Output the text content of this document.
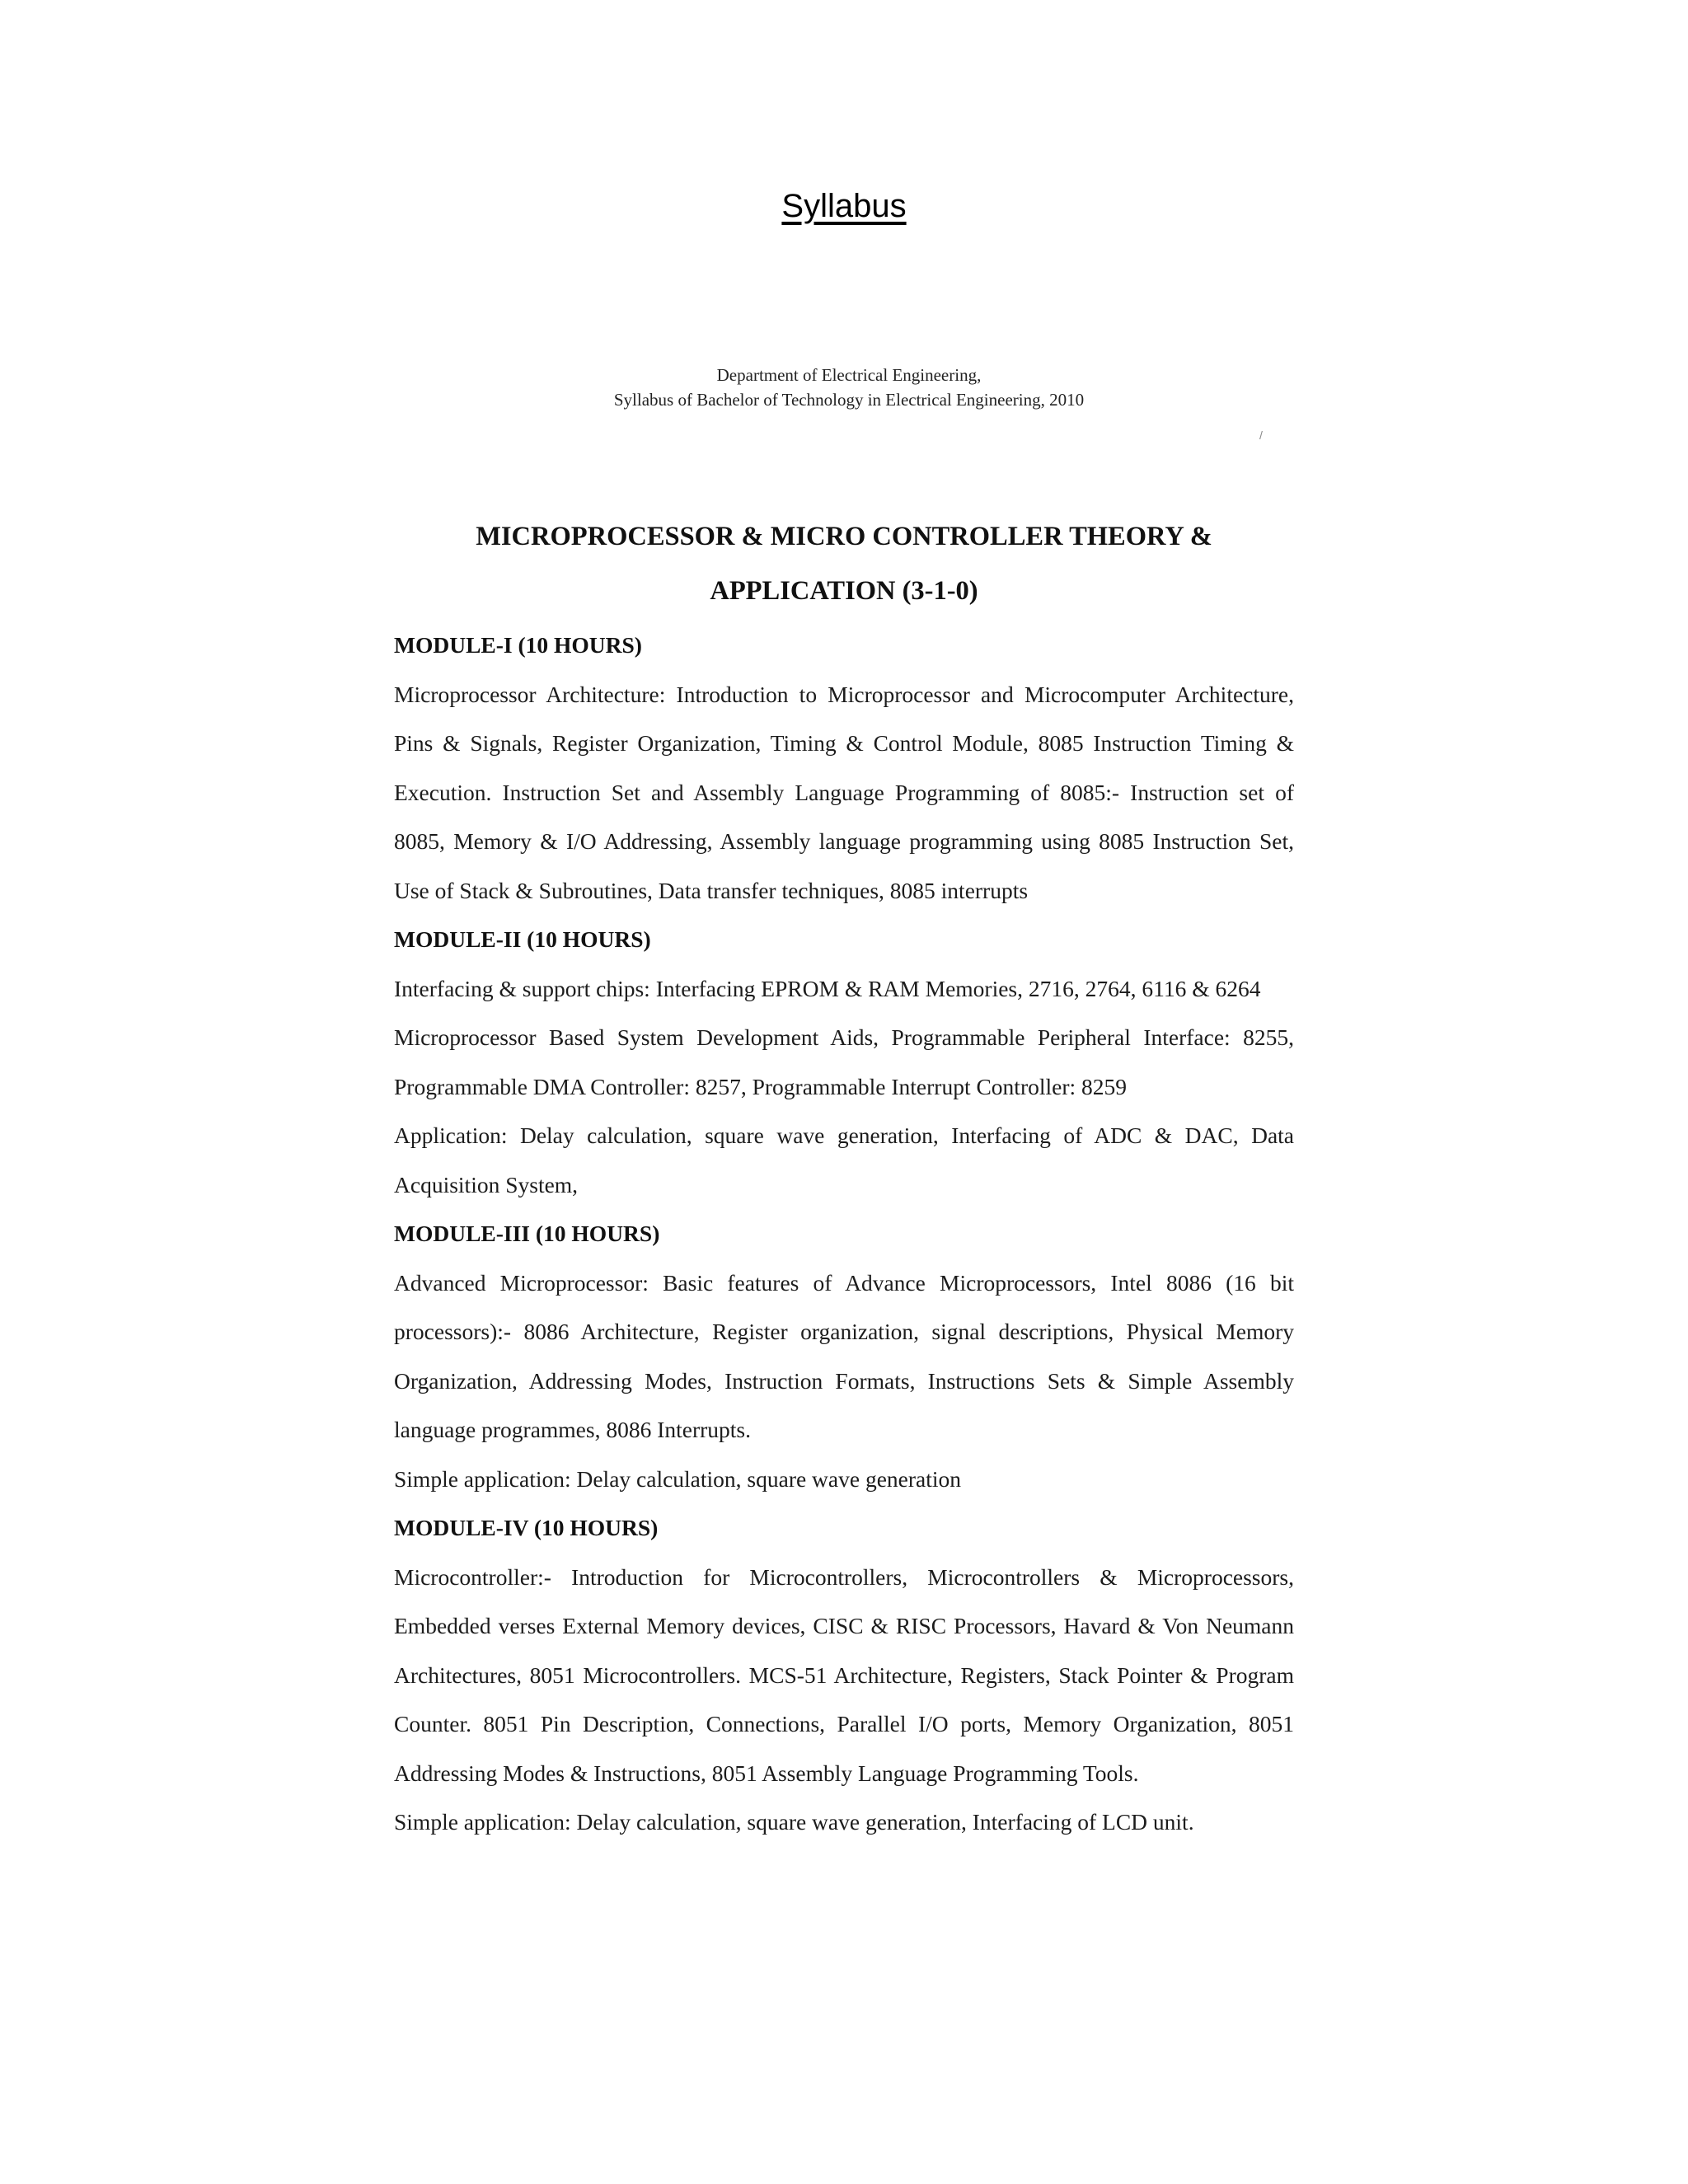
Syllabus
Department of Electrical Engineering,
Syllabus of Bachelor of Technology in Electrical Engineering, 2010
/
MICROPROCESSOR & MICRO CONTROLLER THEORY & APPLICATION (3-1-0)
MODULE-I (10 HOURS)

Microprocessor Architecture: Introduction to Microprocessor and Microcomputer Architecture, Pins & Signals, Register Organization, Timing & Control Module, 8085 Instruction Timing & Execution. Instruction Set and Assembly Language Programming of 8085:- Instruction set of 8085, Memory & I/O Addressing, Assembly language programming using 8085 Instruction Set, Use of Stack & Subroutines, Data transfer techniques, 8085 interrupts

MODULE-II (10 HOURS)

Interfacing & support chips: Interfacing EPROM & RAM Memories, 2716, 2764, 6116 & 6264

Microprocessor Based System Development Aids, Programmable Peripheral Interface: 8255, Programmable DMA Controller: 8257, Programmable Interrupt Controller: 8259

Application: Delay calculation, square wave generation, Interfacing of ADC & DAC, Data Acquisition System,

MODULE-III (10 HOURS)

Advanced Microprocessor: Basic features of Advance Microprocessors, Intel 8086 (16 bit processors):- 8086 Architecture, Register organization, signal descriptions, Physical Memory Organization, Addressing Modes, Instruction Formats, Instructions Sets & Simple Assembly language programmes, 8086 Interrupts.

Simple application: Delay calculation, square wave generation

MODULE-IV (10 HOURS)

Microcontroller:- Introduction for Microcontrollers, Microcontrollers & Microprocessors, Embedded verses External Memory devices, CISC & RISC Processors, Havard & Von Neumann Architectures, 8051 Microcontrollers. MCS-51 Architecture, Registers, Stack Pointer & Program Counter. 8051 Pin Description, Connections, Parallel I/O ports, Memory Organization, 8051 Addressing Modes & Instructions, 8051 Assembly Language Programming Tools.

Simple application: Delay calculation, square wave generation, Interfacing of LCD unit.
